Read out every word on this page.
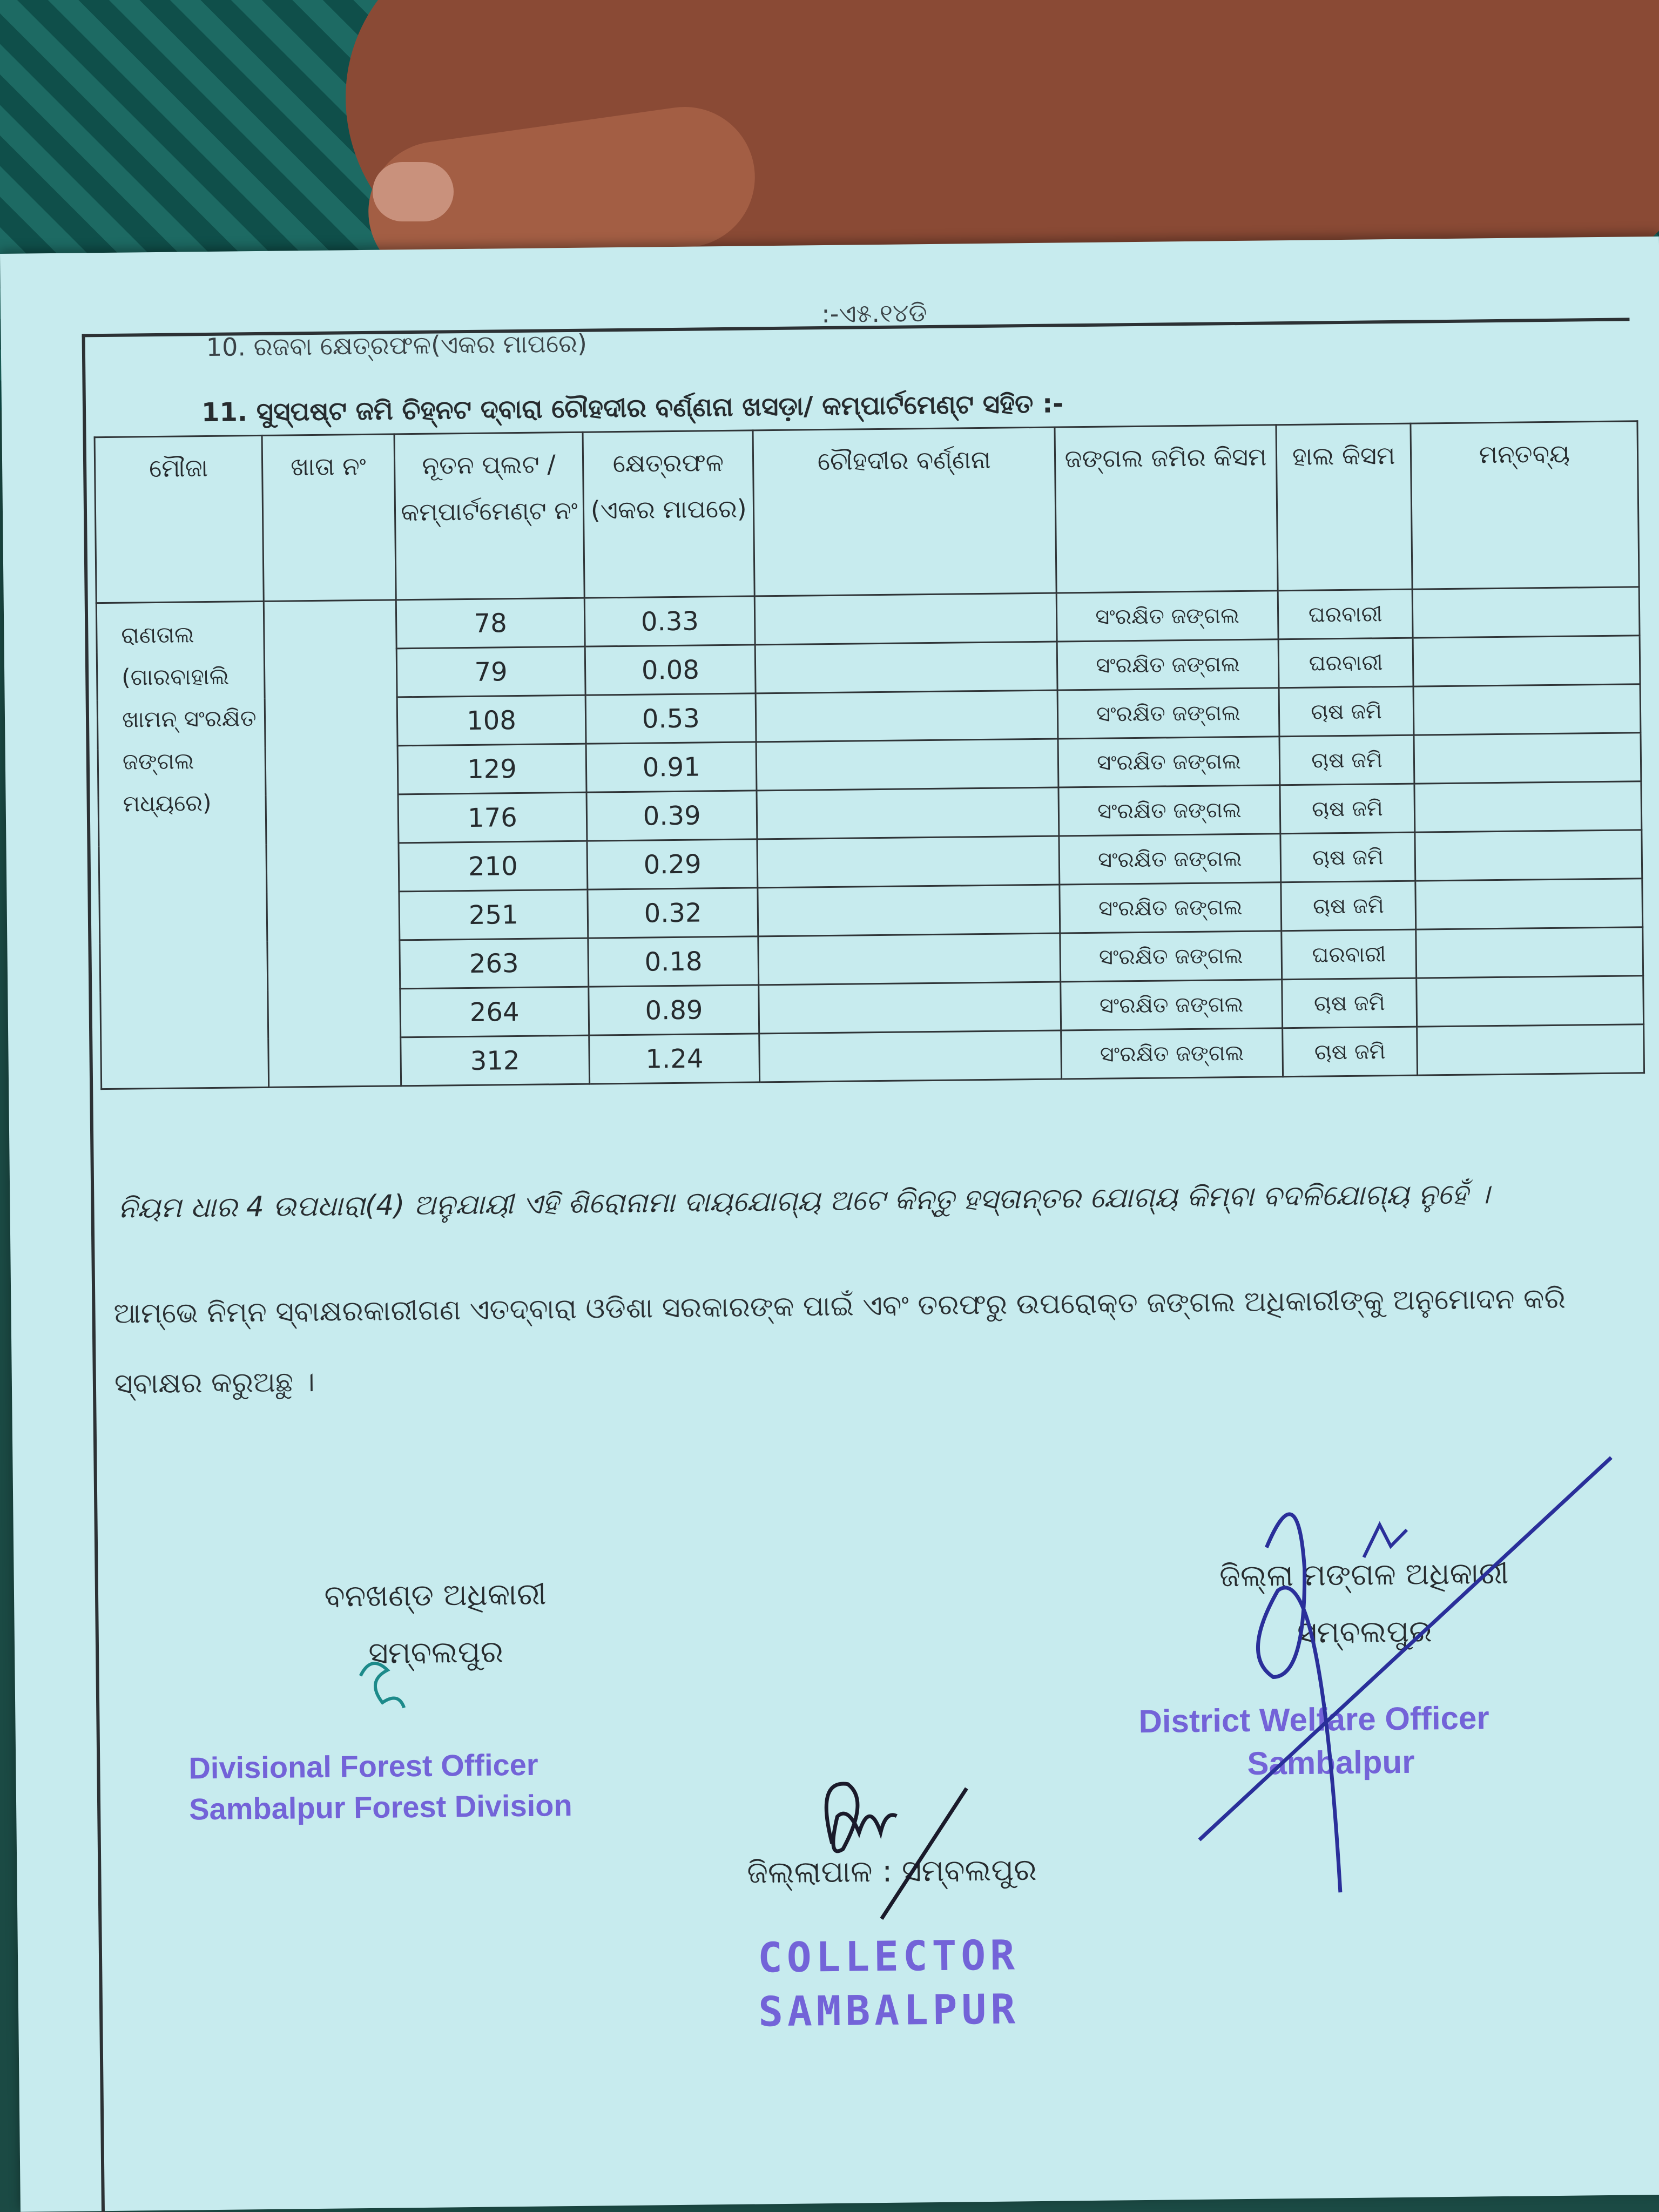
10. ରଜବା କ୍ଷେତ୍ରଫଳ(ଏକର ମାପରେ)
:-ଏ୫.୧୪ଡି
11. ସୁସ୍ପଷ୍ଟ ଜମି ଚିହ୍ନଟ ଦ୍ବାରା ଚୌହଦୀର ବର୍ଣ୍ଣନା ଖସଡ଼ା/ କମ୍ପାର୍ଟମେଣ୍ଟ ସହିତ :-
ମୌଜା	ଖାତା ନଂ	ନୂତନ ପ୍ଲଟ / କମ୍ପାର୍ଟମେଣ୍ଟ ନଂ	କ୍ଷେତ୍ରଫଳ (ଏକର ମାପରେ)	ଚୌହଦୀର ବର୍ଣ୍ଣନା	ଜଙ୍ଗଲ ଜମିର କିସମ	ହାଲ କିସମ	ମନ୍ତବ୍ୟ
ରାଣତାଲ (ଗାରବାହାଲି ଖାମନ୍ ସଂରକ୍ଷିତ ଜଙ୍ଗଲ ମଧ୍ୟରେ)		78	0.33		ସଂରକ୍ଷିତ ଜଙ୍ଗଲ	ଘରବାରୀ	
		79	0.08		ସଂରକ୍ଷିତ ଜଙ୍ଗଲ	ଘରବାରୀ	
		108	0.53		ସଂରକ୍ଷିତ ଜଙ୍ଗଲ	ଚାଷ ଜମି	
		129	0.91		ସଂରକ୍ଷିତ ଜଙ୍ଗଲ	ଚାଷ ଜମି	
		176	0.39		ସଂରକ୍ଷିତ ଜଙ୍ଗଲ	ଚାଷ ଜମି	
		210	0.29		ସଂରକ୍ଷିତ ଜଙ୍ଗଲ	ଚାଷ ଜମି	
		251	0.32		ସଂରକ୍ଷିତ ଜଙ୍ଗଲ	ଚାଷ ଜମି	
		263	0.18		ସଂରକ୍ଷିତ ଜଙ୍ଗଲ	ଘରବାରୀ	
		264	0.89		ସଂରକ୍ଷିତ ଜଙ୍ଗଲ	ଚାଷ ଜମି	
		312	1.24		ସଂରକ୍ଷିତ ଜଙ୍ଗଲ	ଚାଷ ଜମି	
ନିୟମ ଧାର 4 ଉପଧାରା(4) ଅନୁଯାୟୀ ଏହି ଶିରୋନାମା ଦାୟଯୋଗ୍ୟ ଅଟେ କିନ୍ତୁ ହସ୍ତାନ୍ତର ଯୋଗ୍ୟ କିମ୍ବା ବଦଳିଯୋଗ୍ୟ ନୁହେଁ ।
ଆମ୍ଭେ ନିମ୍ନ ସ୍ବାକ୍ଷରକାରୀଗଣ ଏତଦ୍ବାରା ଓଡିଶା ସରକାରଙ୍କ ପାଇଁ ଏବଂ ତରଫରୁ ଉପରୋକ୍ତ ଜଙ୍ଗଲ ଅଧିକାରୀଙ୍କୁ ଅନୁମୋଦନ କରି ସ୍ବାକ୍ଷର କରୁଅଛୁ ।
ବନଖଣ୍ଡ ଅଧିକାରୀ
ସମ୍ବଲପୁର
Divisional Forest Officer
Sambalpur Forest Division
ଜିଲ୍ଲା ମଙ୍ଗଳ ଅଧିକାରୀ
ସମ୍ବଲପୁର
District Welfare Officer
Sambalpur
ଜିଲ୍ଲାପାଳ : ସମ୍ବଲପୁର
COLLECTOR
SAMBALPUR
